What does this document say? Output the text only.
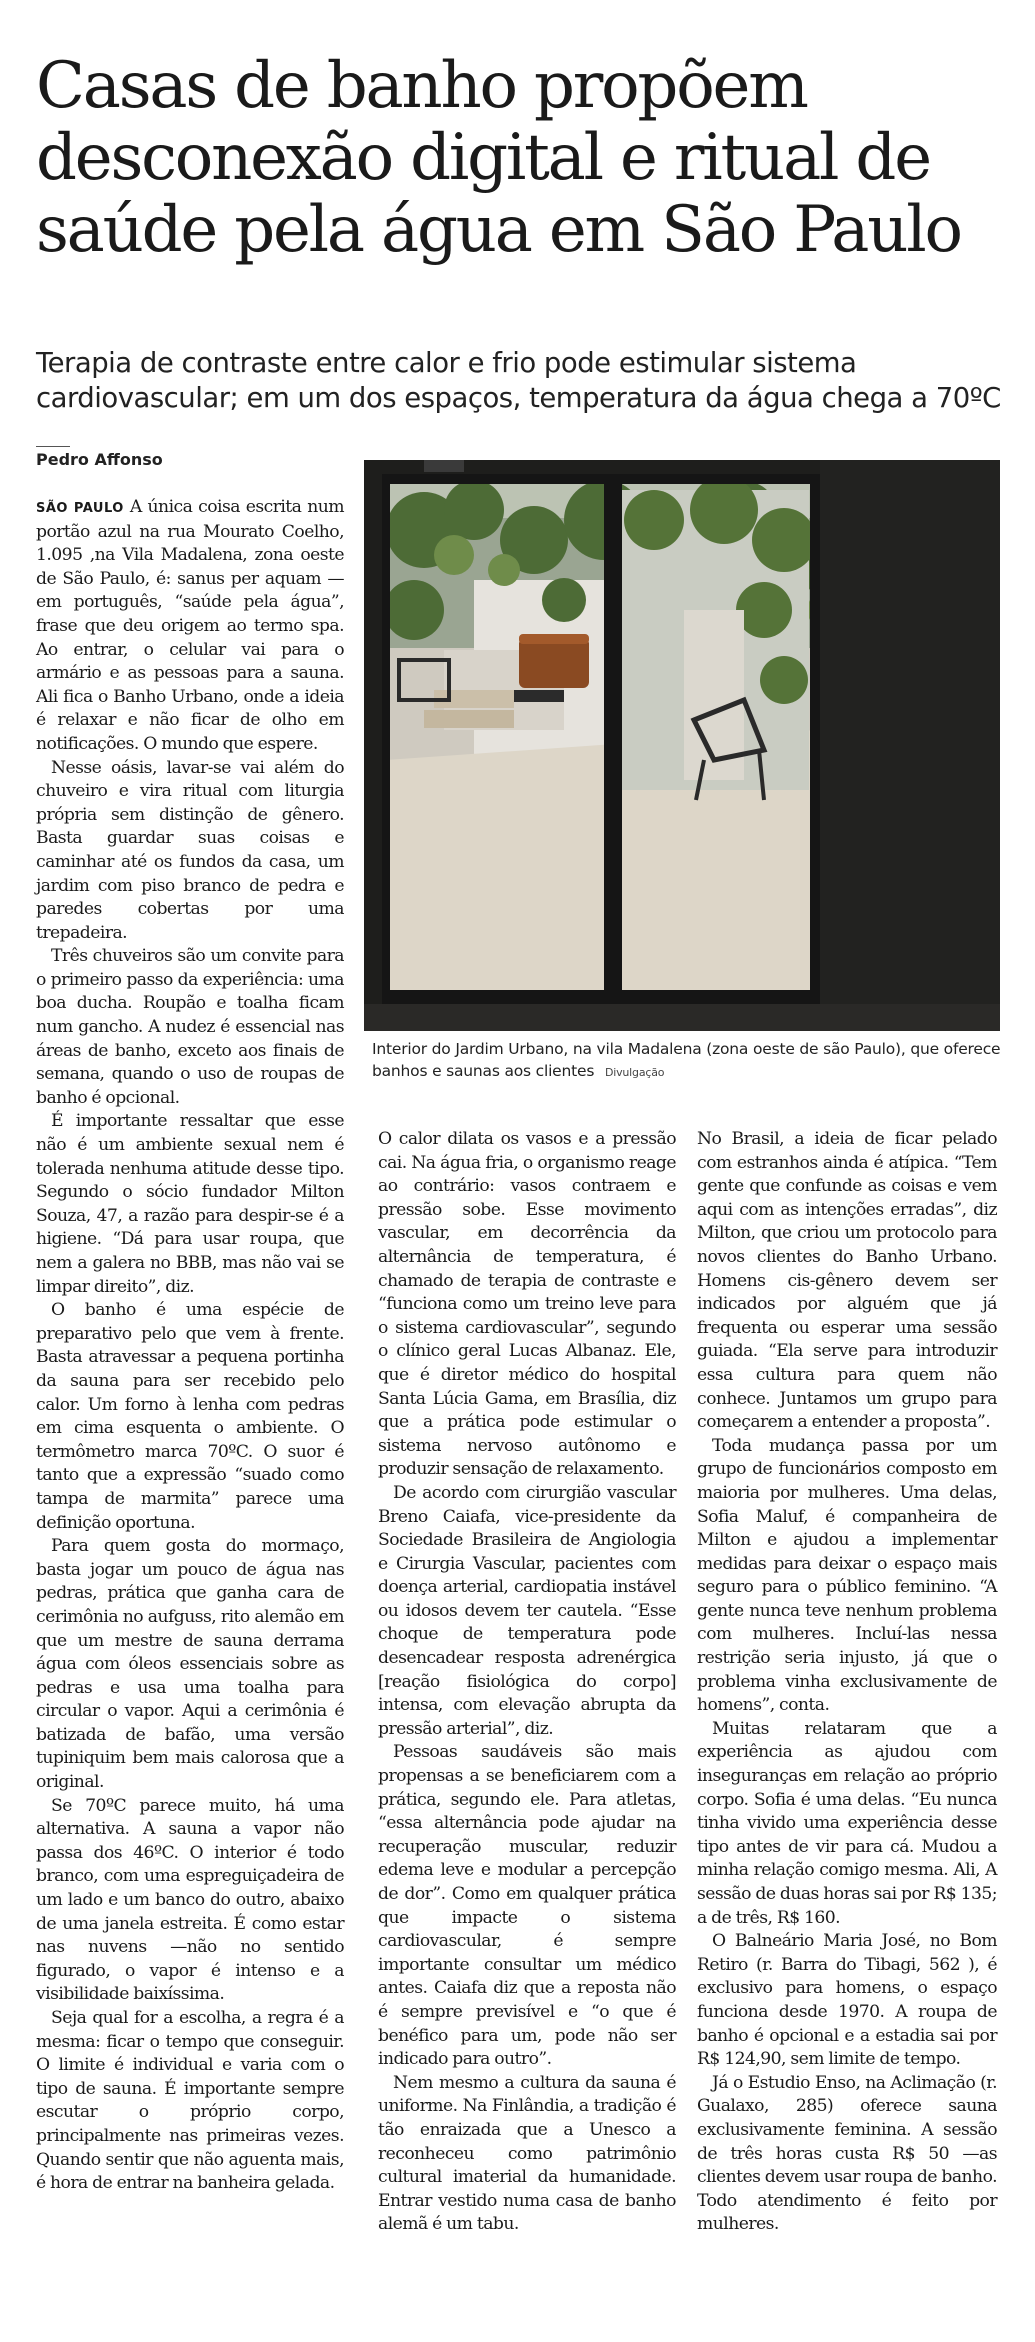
Casas de banho propõem desconexão digital e ritual de saúde pela água em São Paulo
Terapia de contraste entre calor e frio pode estimular sistema cardiovascular; em um dos espaços, temperatura da água chega a 70ºC
Pedro Affonso

SÃO PAULO A única coisa escrita num portão azul na rua Mourato Coelho, 1.095 ,na Vila Madalena, zona oeste de São Paulo, é: sanus per aquam —em português, “saúde pela água”, frase que deu origem ao termo spa. Ao entrar, o celular vai para o armário e as pessoas para a sauna. Ali fica o Banho Urbano, onde a ideia é relaxar e não ficar de olho em notificações. O mundo que espere.

Nesse oásis, lavar-se vai além do chuveiro e vira ritual com liturgia própria sem distinção de gênero. Basta guardar suas coisas e caminhar até os fundos da casa, um jardim com piso branco de pedra e paredes cobertas por uma trepadeira.

Três chuveiros são um convite para o primeiro passo da experiência: uma boa ducha. Roupão e toalha ficam num gancho. A nudez é essencial nas áreas de banho, exceto aos finais de semana, quando o uso de roupas de banho é opcional.

É importante ressaltar que esse não é um ambiente sexual nem é tolerada nenhuma atitude desse tipo. Segundo o sócio fundador Milton Souza, 47, a razão para despir-se é a higiene. “Dá para usar roupa, que nem a galera no BBB, mas não vai se limpar direito”, diz.

O banho é uma espécie de preparativo pelo que vem à frente. Basta atravessar a pequena portinha da sauna para ser recebido pelo calor. Um forno à lenha com pedras em cima esquenta o ambiente. O termômetro marca 70ºC. O suor é tanto que a expressão “suado como tampa de marmita” parece uma definição oportuna.

Para quem gosta do mormaço, basta jogar um pouco de água nas pedras, prática que ganha cara de cerimônia no aufguss, rito alemão em que um mestre de sauna derrama água com óleos essenciais sobre as pedras e usa uma toalha para circular o vapor. Aqui a cerimônia é batizada de bafão, uma versão tupiniquim bem mais calorosa que a original.

Se 70ºC parece muito, há uma alternativa. A sauna a vapor não passa dos 46ºC. O interior é todo branco, com uma espreguiçadeira de um lado e um banco do outro, abaixo de uma janela estreita. É como estar nas nuvens —não no sentido figurado, o vapor é intenso e a visibilidade baixíssima.

Seja qual for a escolha, a regra é a mesma: ficar o tempo que conseguir. O limite é individual e varia com o tipo de sauna. É importante sempre escutar o próprio corpo, principalmente nas primeiras vezes. Quando sentir que não aguenta mais, é hora de entrar na banheira gelada.

Interior do Jardim Urbano, na vila Madalena (zona oeste de são Paulo), que oferece banhos e saunas aos clientes Divulgação

O calor dilata os vasos e a pressão cai. Na água fria, o organismo reage ao contrário: vasos contraem e pressão sobe. Esse movimento vascular, em decorrência da alternância de temperatura, é chamado de terapia de contraste e “funciona como um treino leve para o sistema cardiovascular”, segundo o clínico geral Lucas Albanaz. Ele, que é diretor médico do hospital Santa Lúcia Gama, em Brasília, diz que a prática pode estimular o sistema nervoso autônomo e produzir sensação de relaxamento.

De acordo com cirurgião vascular Breno Caiafa, vice-presidente da Sociedade Brasileira de Angiologia e Cirurgia Vascular, pacientes com doença arterial, cardiopatia instável ou idosos devem ter cautela. “Esse choque de temperatura pode desencadear resposta adrenérgica [reação fisiológica do corpo] intensa, com elevação abrupta da pressão arterial”, diz.

Pessoas saudáveis são mais propensas a se beneficiarem com a prática, segundo ele. Para atletas, “essa alternância pode ajudar na recuperação muscular, reduzir edema leve e modular a percepção de dor”. Como em qualquer prática que impacte o sistema cardiovascular, é sempre importante consultar um médico antes. Caiafa diz que a reposta não é sempre previsível e “o que é benéfico para um, pode não ser indicado para outro”.

Nem mesmo a cultura da sauna é uniforme. Na Finlândia, a tradição é tão enraizada que a Unesco a reconheceu como patrimônio cultural imaterial da humanidade. Entrar vestido numa casa de banho alemã é um tabu.

No Brasil, a ideia de ficar pelado com estranhos ainda é atípica. “Tem gente que confunde as coisas e vem aqui com as intenções erradas”, diz Milton, que criou um protocolo para novos clientes do Banho Urbano. Homens cis-gênero devem ser indicados por alguém que já frequenta ou esperar uma sessão guiada. “Ela serve para introduzir essa cultura para quem não conhece. Juntamos um grupo para começarem a entender a proposta”.

Toda mudança passa por um grupo de funcionários composto em maioria por mulheres. Uma delas, Sofia Maluf, é companheira de Milton e ajudou a implementar medidas para deixar o espaço mais seguro para o público feminino. “A gente nunca teve nenhum problema com mulheres. Incluí-las nessa restrição seria injusto, já que o problema vinha exclusivamente de homens”, conta.

Muitas relataram que a experiência as ajudou com inseguranças em relação ao próprio corpo. Sofia é uma delas. “Eu nunca tinha vivido uma experiência desse tipo antes de vir para cá. Mudou a minha relação comigo mesma. Ali, A sessão de duas horas sai por R$ 135; a de três, R$ 160.

O Balneário Maria José, no Bom Retiro (r. Barra do Tibagi, 562 ), é exclusivo para homens, o espaço funciona desde 1970. A roupa de banho é opcional e a estadia sai por R$ 124,90, sem limite de tempo.

Já o Estudio Enso, na Aclimação (r. Gualaxo, 285) oferece sauna exclusivamente feminina. A sessão de três horas custa R$ 50 —as clientes devem usar roupa de banho. Todo atendimento é feito por mulheres.
